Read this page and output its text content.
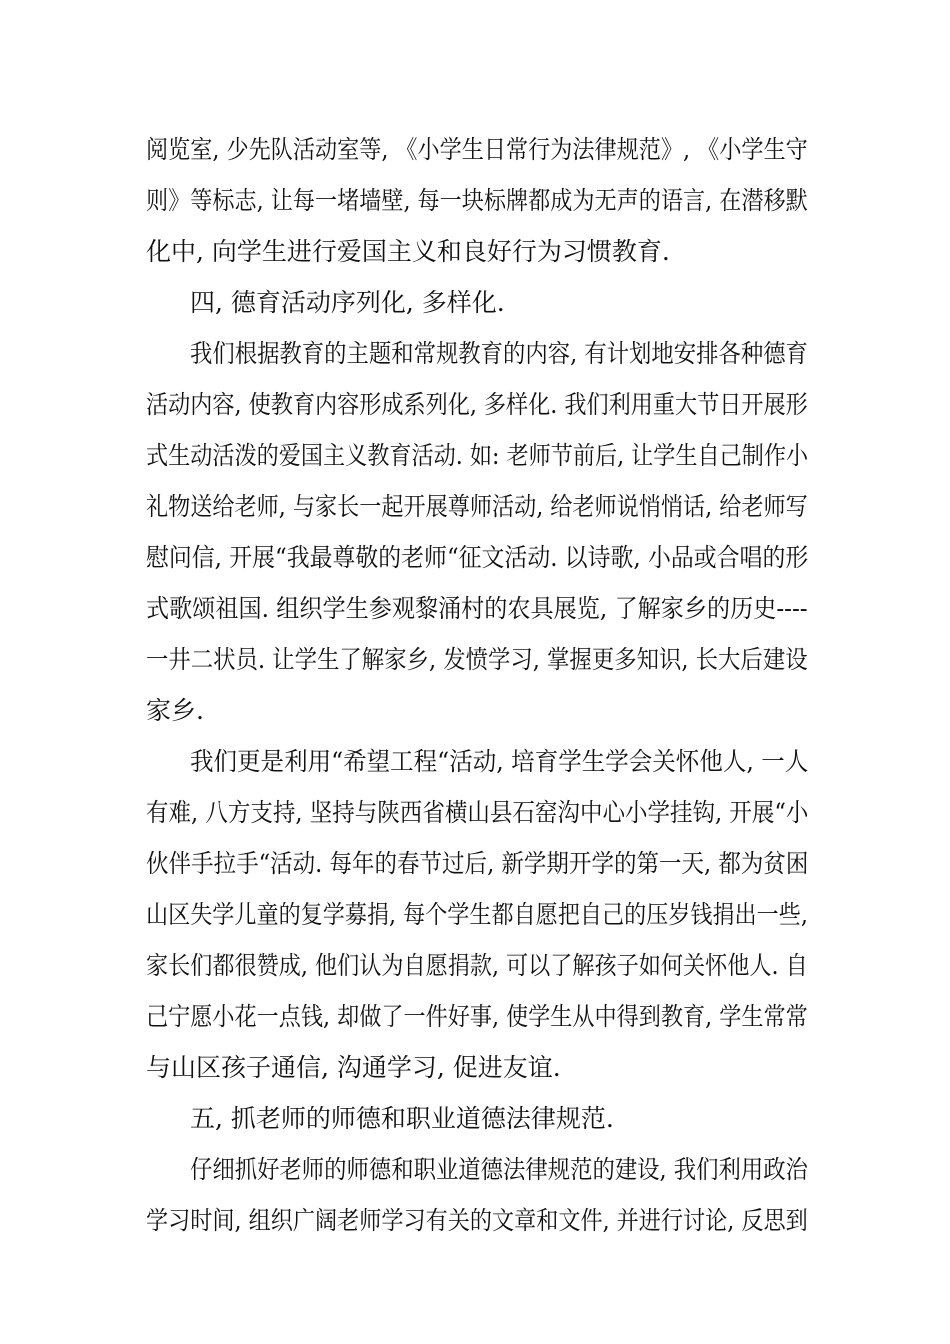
阅览室, 少先队活动室等, 《小学生日常行为法律规范》, 《小学生守
则》等标志, 让每一堵墙壁, 每一块标牌都成为无声的语言, 在潜移默
化中, 向学生进行爱国主义和良好行为习惯教育.
四, 德育活动序列化, 多样化.
我们根据教育的主题和常规教育的内容, 有计划地安排各种德育
活动内容, 使教育内容形成系列化, 多样化. 我们利用重大节日开展形
式生动活泼的爱国主义教育活动. 如: 老师节前后, 让学生自己制作小
礼物送给老师, 与家长一起开展尊师活动, 给老师说悄悄话, 给老师写
慰问信, 开展“我最尊敬的老师“征文活动. 以诗歌, 小品或合唱的形
式歌颂祖国. 组织学生参观黎涌村的农具展览, 了解家乡的历史----
一井二状员. 让学生了解家乡, 发愤学习, 掌握更多知识, 长大后建设
家乡.
我们更是利用“希望工程“活动, 培育学生学会关怀他人, 一人
有难, 八方支持, 坚持与陕西省横山县石窑沟中心小学挂钩, 开展“小
伙伴手拉手“活动. 每年的春节过后, 新学期开学的第一天, 都为贫困
山区失学儿童的复学募捐, 每个学生都自愿把自己的压岁钱捐出一些,
家长们都很赞成, 他们认为自愿捐款, 可以了解孩子如何关怀他人. 自
己宁愿小花一点钱, 却做了一件好事, 使学生从中得到教育, 学生常常
与山区孩子通信, 沟通学习, 促进友谊.
五, 抓老师的师德和职业道德法律规范.
仔细抓好老师的师德和职业道德法律规范的建设, 我们利用政治
学习时间, 组织广阔老师学习有关的文章和文件, 并进行讨论, 反思到
